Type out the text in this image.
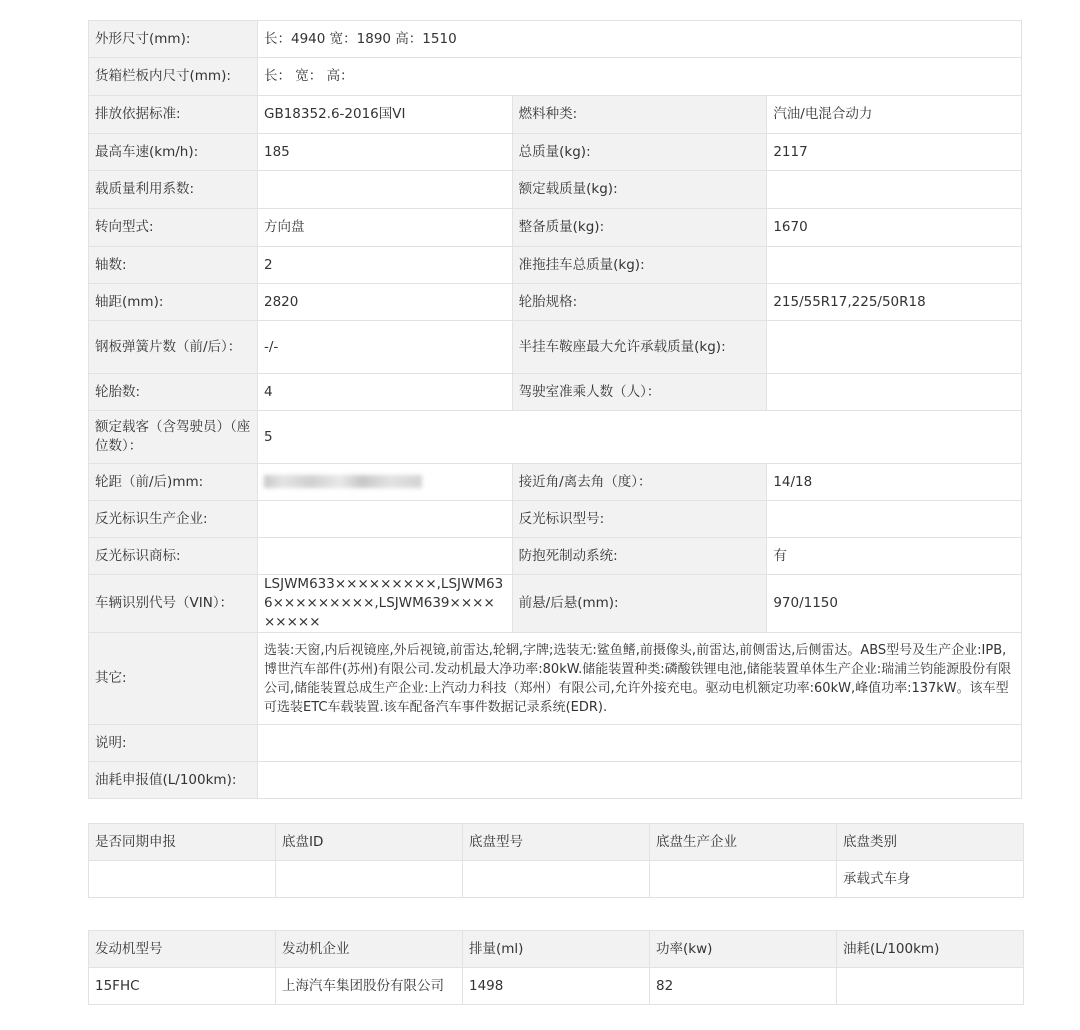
外形尺寸(mm):	长：4940 宽：1890 高：1510		
货箱栏板内尺寸(mm):	长： 宽： 高：		
排放依据标准:	GB18352.6-2016国VI	燃料种类:	汽油/电混合动力
最高车速(km/h):	185	总质量(kg):	2117
载质量利用系数:		额定载质量(kg):	
转向型式:	方向盘	整备质量(kg):	1670
轴数:	2	准拖挂车总质量(kg):	
轴距(mm):	2820	轮胎规格:	215/55R17,225/50R18
钢板弹簧片数（前/后）：	-/-	半挂车鞍座最大允许承载质量(kg):	
轮胎数:	4	驾驶室准乘人数（人）：	
额定载客（含驾驶员）（座位数）：	5		
轮距（前/后)mm:		接近角/离去角（度）：	14/18
反光标识生产企业:		反光标识型号:	
反光标识商标:		防抱死制动系统:	有
车辆识别代号（VIN）：	LSJWM633×××××××××,LSJWM636×××××××××,LSJWM639×××××××××	前悬/后悬(mm):	970/1150
其它:	选装:天窗,内后视镜座,外后视镜,前雷达,轮辋,字牌;选装无:鲨鱼鳍,前摄像头,前雷达,前侧雷达,后侧雷达。ABS型号及生产企业:IPB,博世汽车部件(苏州)有限公司.发动机最大净功率:80kW.储能装置种类:磷酸铁锂电池,储能装置单体生产企业:瑞浦兰钧能源股份有限公司,储能装置总成生产企业:上汽动力科技（郑州）有限公司,允许外接充电。驱动电机额定功率:60kW,峰值功率:137kW。该车型可选装ETC车载装置.该车配备汽车事件数据记录系统(EDR).		
说明:			
油耗申报值(L/100km):			
是否同期申报	底盘ID	底盘型号	底盘生产企业	底盘类别
				承载式车身
发动机型号	发动机企业	排量(ml)	功率(kw)	油耗(L/100km)
15FHC	上海汽车集团股份有限公司	1498	82	
